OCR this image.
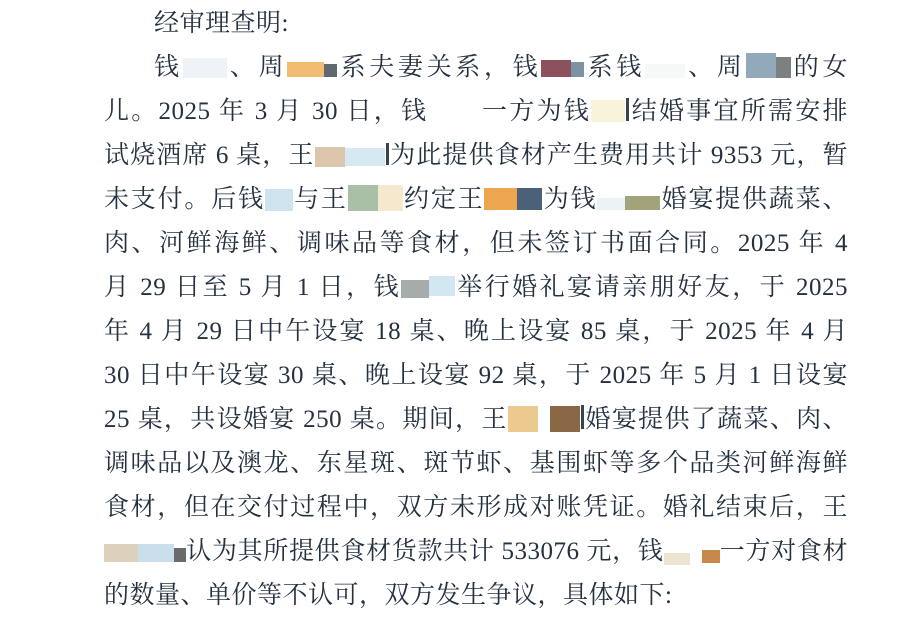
经审理查明:
钱 、周 系夫妻关系，钱 系钱 、周 的女
儿。2025 年 3 月 30 日，钱 一方为钱 结婚事宜所需安排
试烧酒席 6 桌，王	为此提供食材产生费用共计 9353 元，暂
未支付。后钱 与王 约定王 为钱	婚宴提供蔬菜、
肉、河鲜海鲜、调味品等食材，但未签订书面合同。2025 年 4
月 29 日至 5 月 1 日，钱 举行婚礼宴请亲朋好友，于 2025
年 4 月 29 日中午设宴 18 桌、晚上设宴 85 桌，于 2025 年 4 月
30 日中午设宴 30 桌、晚上设宴 92 桌，于 2025 年 5 月 1 日设宴
25 桌，共设婚宴 250 桌。期间，王	婚宴提供了蔬菜、肉、
调味品以及澳龙、东星斑、斑节虾、基围虾等多个品类河鲜海鲜
食材，但在交付过程中，双方未形成对账凭证。婚礼结束后，王
认为其所提供食材货款共计 533076 元，钱 一方对食材
的数量、单价等不认可，双方发生争议，具体如下:
